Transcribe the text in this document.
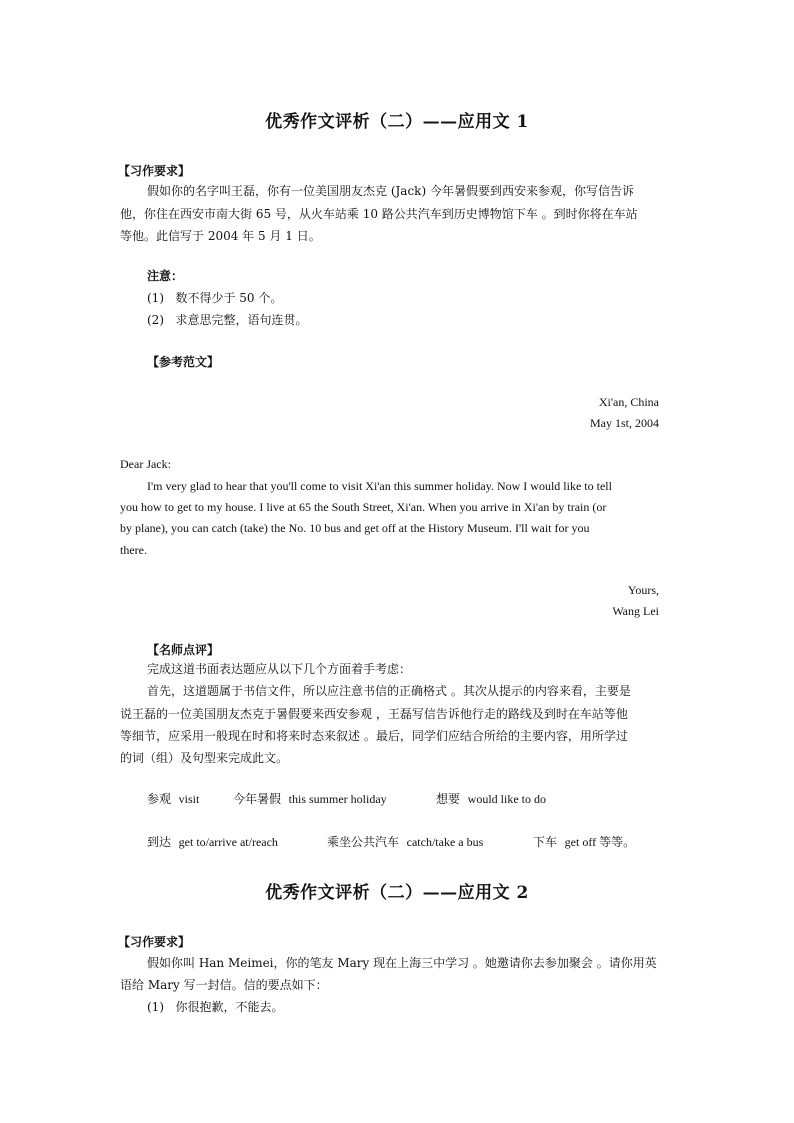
优秀作文评析（二）——应用文 1
【习作要求】
假如你的名字叫王磊，你有一位美国朋友杰克 (Jack) 今年暑假要到西安来参观，你写信告诉
他，你住在西安市南大街 65 号，从火车站乘 10 路公共汽车到历史博物馆下车 。到时你将在车站
等他。此信写于 2004 年 5 月 1 日。
注意：
(1) 数不得少于 50 个。
(2) 求意思完整，语句连贯。
【参考范文】
Xi'an, China
May 1st, 2004
Dear Jack:
I'm very glad to hear that you'll come to visit Xi'an this summer holiday. Now I would like to tell
you how to get to my house. I live at 65 the South Street, Xi'an. When you arrive in Xi'an by train (or
by plane), you can catch (take) the No. 10 bus and get off at the History Museum. I'll wait for you
there.
Yours,
Wang Lei
【名师点评】
完成这道书面表达题应从以下几个方面着手考虑：
首先，这道题属于书信文件，所以应注意书信的正确格式 。其次从提示的内容来看，主要是
说王磊的一位美国朋友杰克于暑假要来西安参观 ，王磊写信告诉他行走的路线及到时在车站等他
等细节，应采用一般现在时和将来时态来叙述 。最后，同学们应结合所给的主要内容，用所学过
的词（组）及句型来完成此文。
参观 visit	今年暑假 this summer holiday	想要 would like to do
到达 get to/arrive at/reach	乘坐公共汽车 catch/take a bus	下车 get off 等等。
优秀作文评析（二）——应用文 2
【习作要求】
假如你叫 Han Meimei，你的笔友 Mary 现在上海三中学习 。她邀请你去参加聚会 。请你用英
语给 Mary 写一封信。信的要点如下：
(1) 你很抱歉，不能去。
